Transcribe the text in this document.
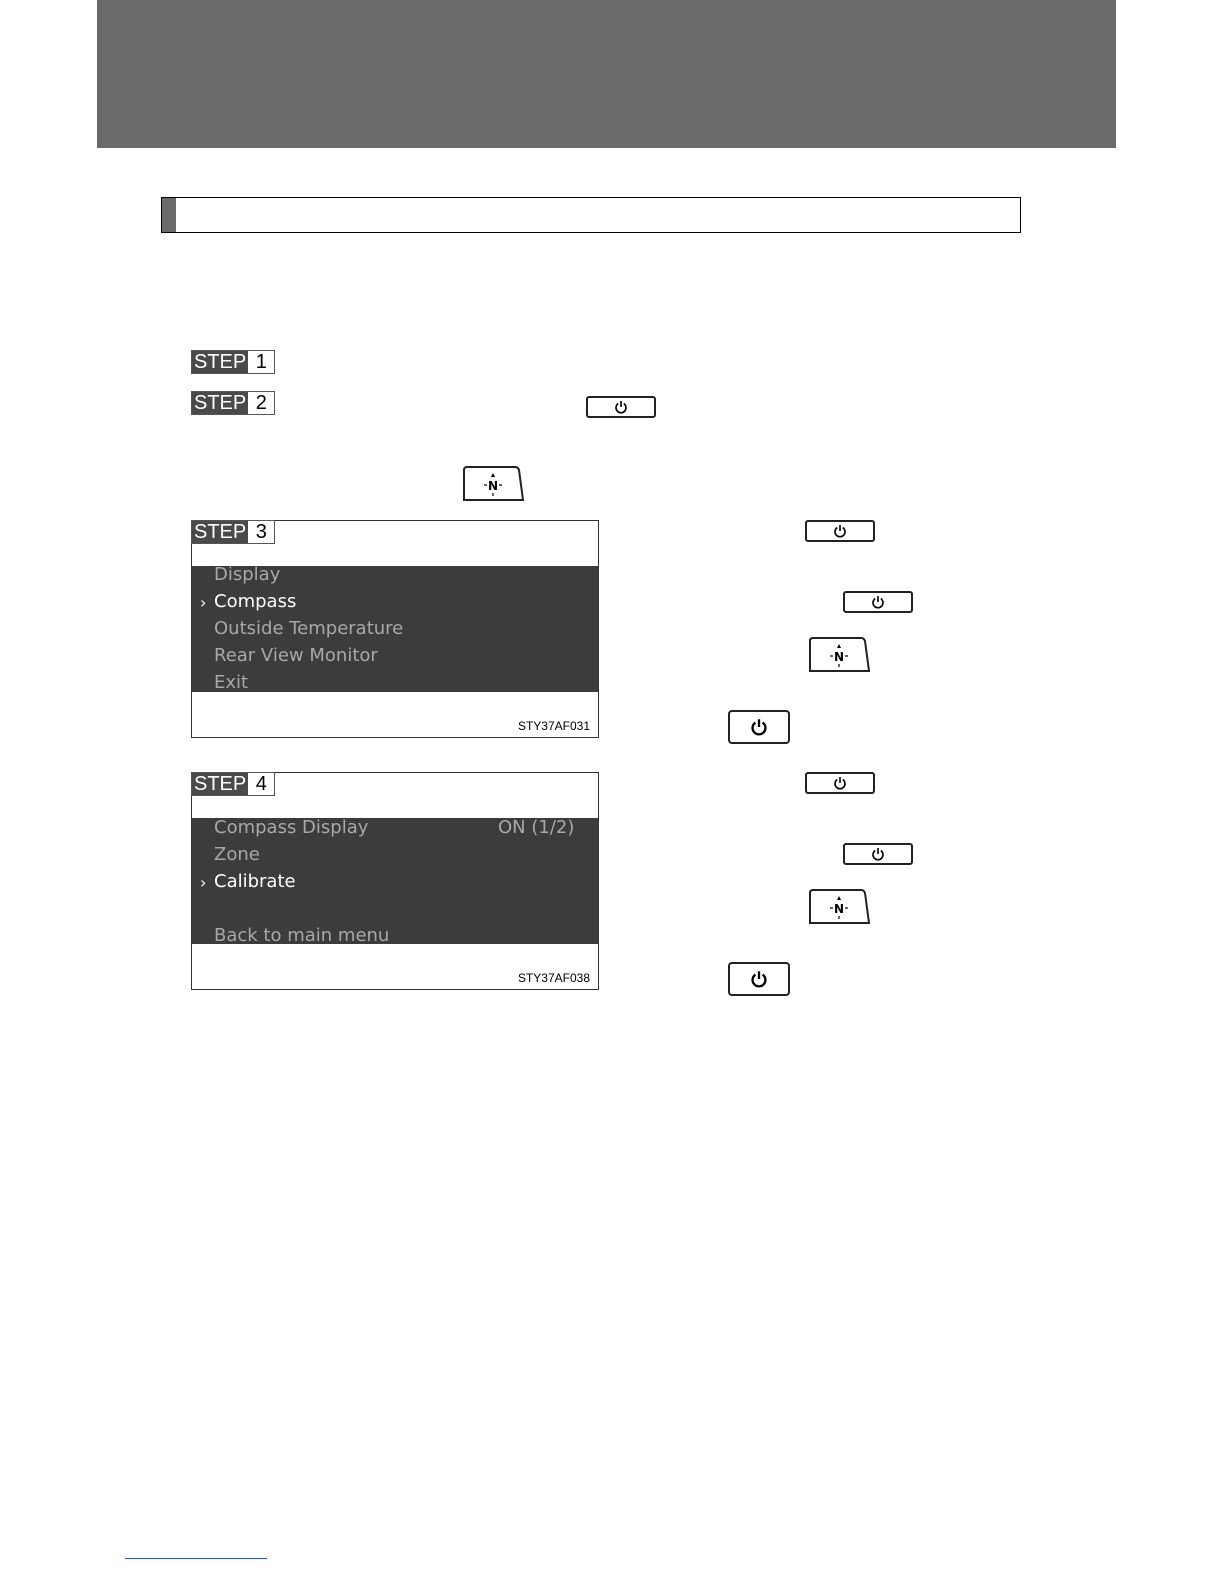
STEP 1
STEP 2
N
STEP 3
Display
› Compass
Outside Temperature
Rear View Monitor
Exit
STY37AF031
STEP 4
Compass Display	ON (1/2)
Zone
› Calibrate
Back to main menu
STY37AF038
N
N
